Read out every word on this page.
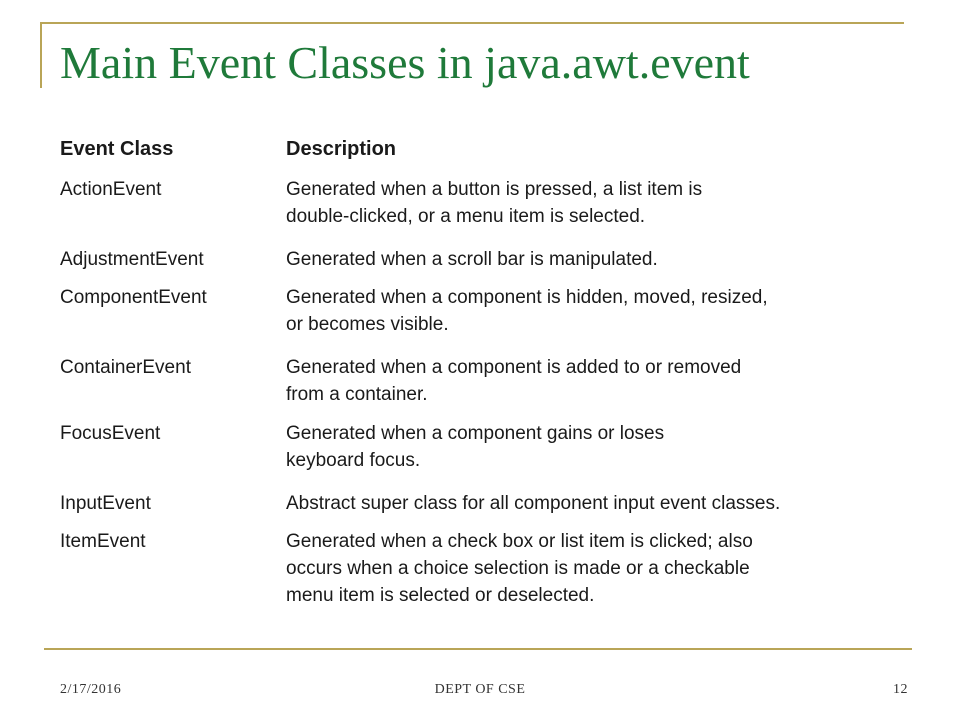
Main Event Classes in java.awt.event
Event Class	Description
ActionEvent	Generated when a button is pressed, a list item is
double-clicked, or a menu item is selected.
AdjustmentEvent	Generated when a scroll bar is manipulated.
ComponentEvent	Generated when a component is hidden, moved, resized,
or becomes visible.
ContainerEvent	Generated when a component is added to or removed
from a container.
FocusEvent	Generated when a component gains or loses
keyboard focus.
InputEvent	Abstract super class for all component input event classes.
ItemEvent	Generated when a check box or list item is clicked; also
occurs when a choice selection is made or a checkable
menu item is selected or deselected.
2/17/2016	DEPT OF CSE	12
